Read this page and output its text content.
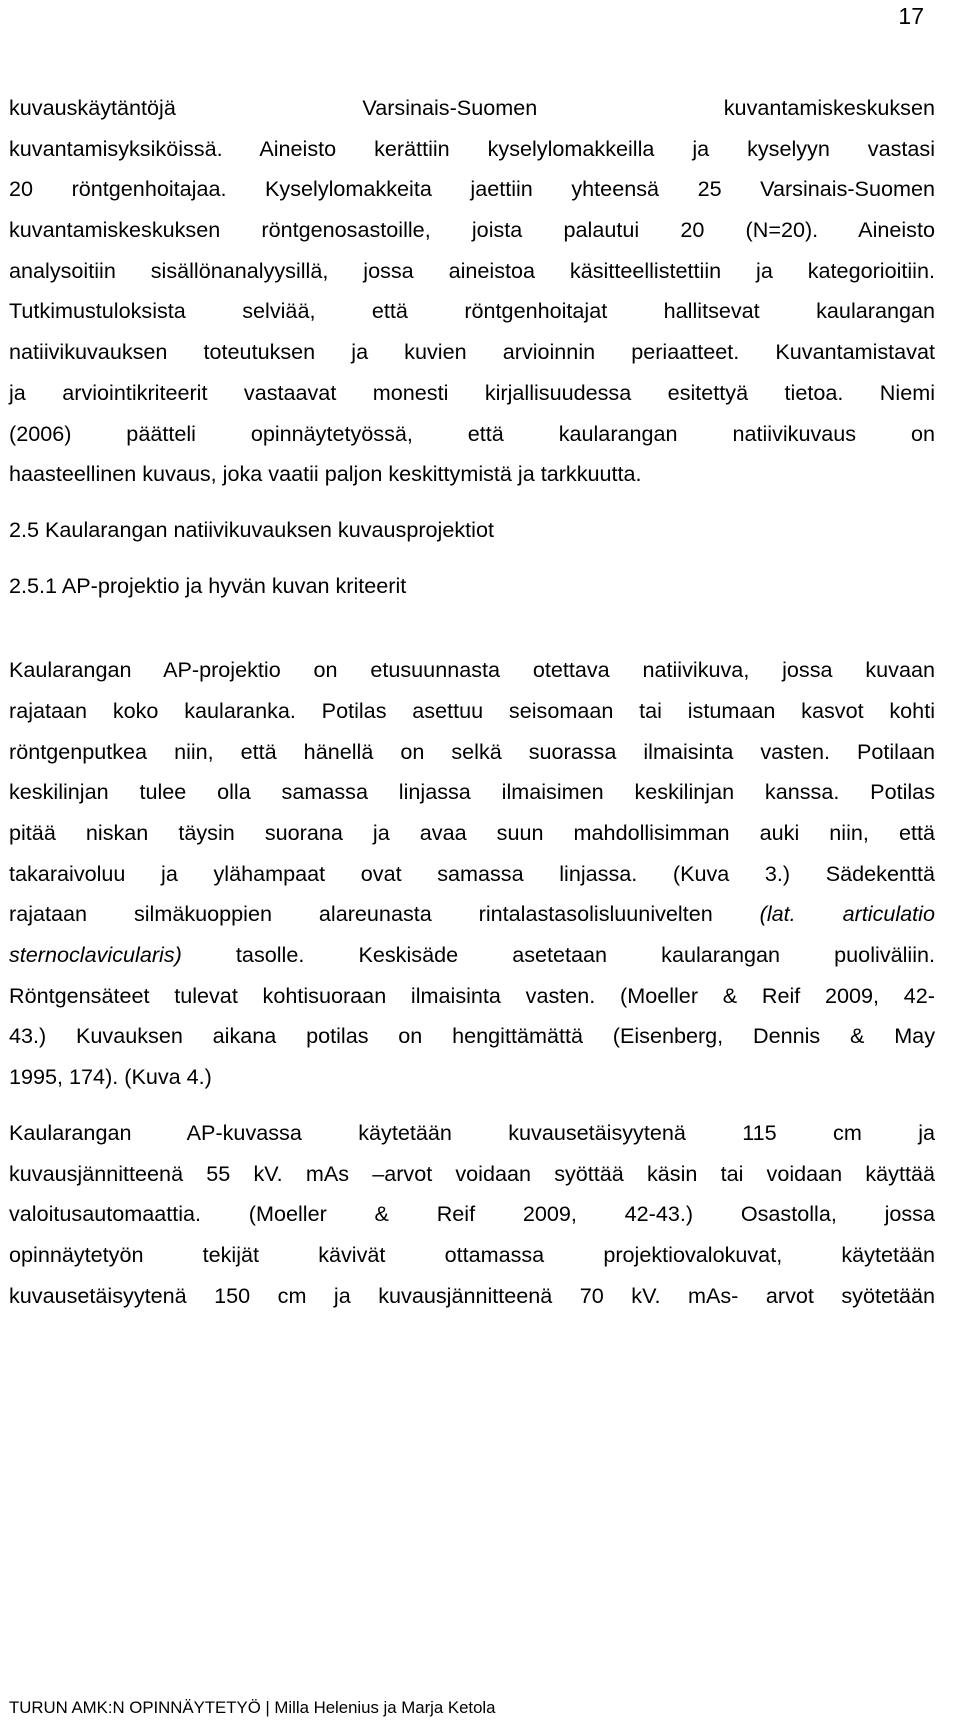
17
kuvauskäytäntöjä Varsinais-Suomen kuvantamiskeskuksen
kuvantamisyksiköissä. Aineisto kerättiin kyselylomakkeilla ja kyselyyn vastasi
20 röntgenhoitajaa. Kyselylomakkeita jaettiin yhteensä 25 Varsinais-Suomen
kuvantamiskeskuksen röntgenosastoille, joista palautui 20 (N=20). Aineisto
analysoitiin sisällönanalyysillä, jossa aineistoa käsitteellistettiin ja kategorioitiin.
Tutkimustuloksista selviää, että röntgenhoitajat hallitsevat kaularangan
natiivikuvauksen toteutuksen ja kuvien arvioinnin periaatteet. Kuvantamistavat
ja arviointikriteerit vastaavat monesti kirjallisuudessa esitettyä tietoa. Niemi
(2006) päätteli opinnäytetyössä, että kaularangan natiivikuvaus on
haasteellinen kuvaus, joka vaatii paljon keskittymistä ja tarkkuutta.
2.5 Kaularangan natiivikuvauksen kuvausprojektiot
2.5.1 AP-projektio ja hyvän kuvan kriteerit
Kaularangan AP-projektio on etusuunnasta otettava natiivikuva, jossa kuvaan
rajataan koko kaularanka. Potilas asettuu seisomaan tai istumaan kasvot kohti
röntgenputkea niin, että hänellä on selkä suorassa ilmaisinta vasten. Potilaan
keskilinjan tulee olla samassa linjassa ilmaisimen keskilinjan kanssa. Potilas
pitää niskan täysin suorana ja avaa suun mahdollisimman auki niin, että
takaraivoluu ja ylähampaat ovat samassa linjassa. (Kuva 3.) Sädekenttä
rajataan silmäkuoppien alareunasta rintalastasolisluunivelten (lat. articulatio
sternoclavicularis) tasolle. Keskisäde asetetaan kaularangan puoliväliin.
Röntgensäteet tulevat kohtisuoraan ilmaisinta vasten. (Moeller & Reif 2009, 42-
43.) Kuvauksen aikana potilas on hengittämättä (Eisenberg, Dennis & May
1995, 174). (Kuva 4.)
Kaularangan AP-kuvassa käytetään kuvausetäisyytenä 115 cm ja
kuvausjännitteenä 55 kV. mAs –arvot voidaan syöttää käsin tai voidaan käyttää
valoitusautomaattia. (Moeller & Reif 2009, 42-43.) Osastolla, jossa
opinnäytetyön tekijät kävivät ottamassa projektiovalokuvat, käytetään
kuvausetäisyytenä 150 cm ja kuvausjännitteenä 70 kV. mAs- arvot syötetään
TURUN AMK:N OPINNÄYTETYÖ | Milla Helenius ja Marja Ketola
